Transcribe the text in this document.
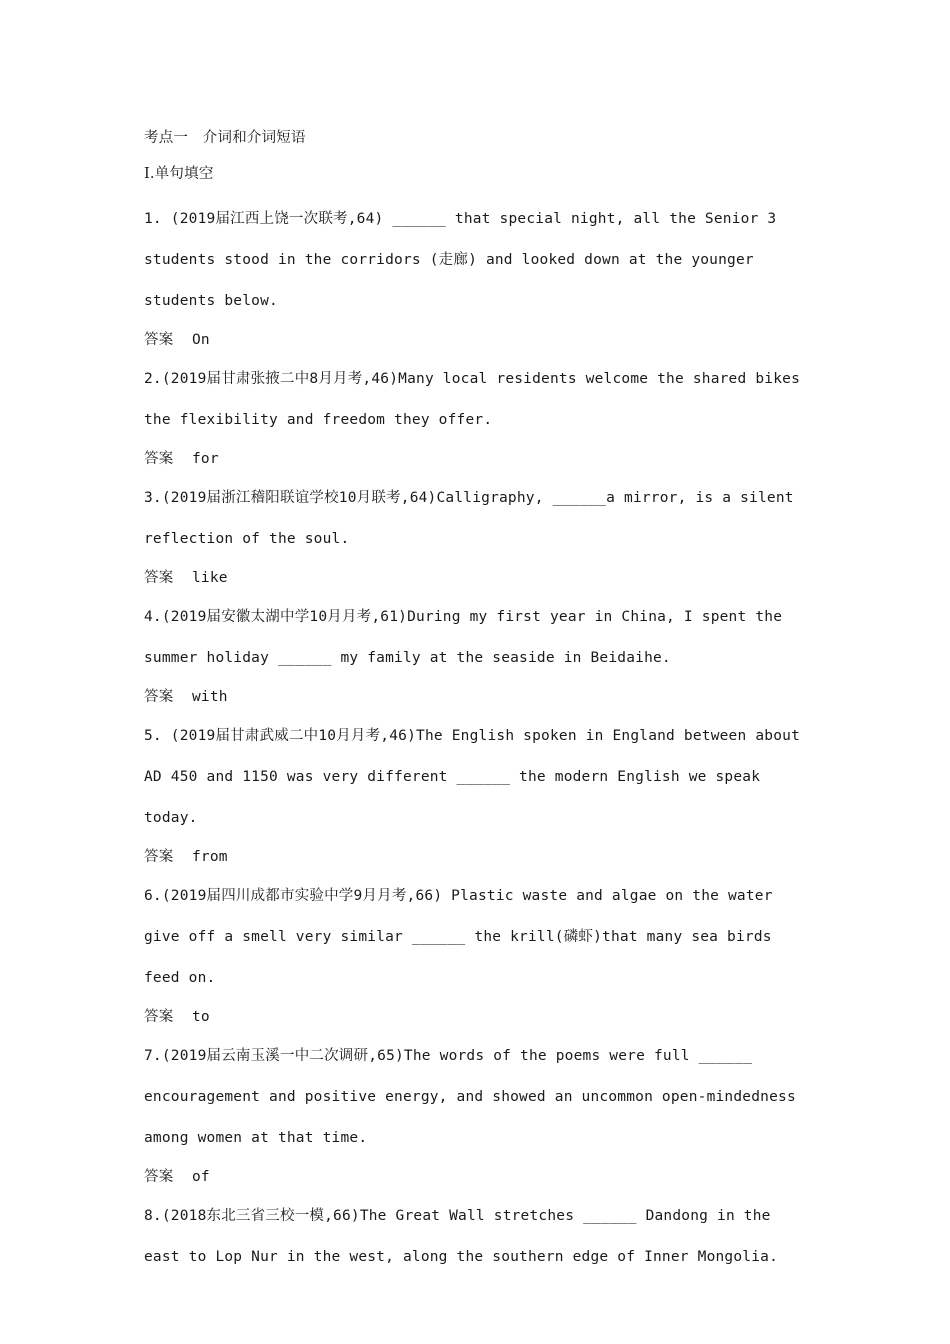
考点一　介词和介词短语
Ⅰ.单句填空

1. (2019届江西上饶一次联考,64) ______ that special night, all the Senior 3 students stood in the corridors (走廊) and looked down at the younger students below.

答案 On

2.(2019届甘肃张掖二中8月月考,46)Many local residents welcome the shared bikes the flexibility and freedom they offer.

答案 for

3.(2019届浙江稽阳联谊学校10月联考,64)Calligraphy, ______a mirror, is a silent reflection of the soul.

答案 like

4.(2019届安徽太湖中学10月月考,61)During my first year in China, I spent the summer holiday ______ my family at the seaside in Beidaihe.

答案 with

5. (2019届甘肃武威二中10月月考,46)The English spoken in England between about AD 450 and 1150 was very different ______ the modern English we speak today.

答案 from

6.(2019届四川成都市实验中学9月月考,66) Plastic waste and algae on the water give off a smell very similar ______ the krill(磷虾)that many sea birds feed on.

答案 to

7.(2019届云南玉溪一中二次调研,65)The words of the poems were full ______ encouragement and positive energy, and showed an uncommon open-mindedness among women at that time.

答案 of

8.(2018东北三省三校一模,66)The Great Wall stretches ______ Dandong in the east to Lop Nur in the west, along the southern edge of Inner Mongolia.
